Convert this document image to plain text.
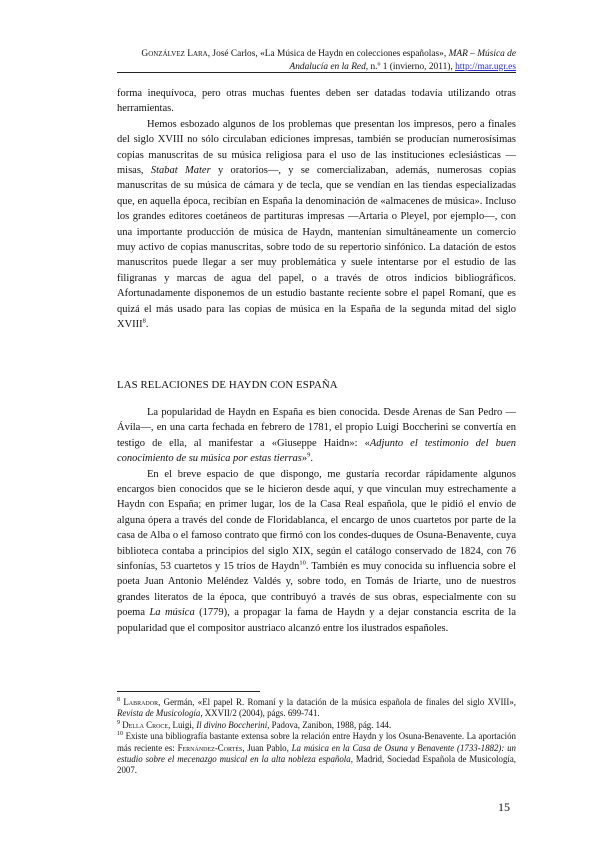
Gonzálvez Lara, José Carlos, «La Música de Haydn en colecciones españolas», MAR – Música de Andalucía en la Red, n.º 1 (invierno, 2011), http://mar.ugr.es

forma inequívoca, pero otras muchas fuentes deben ser datadas todavía utilizando otras herramientas.

Hemos esbozado algunos de los problemas que presentan los impresos, pero a finales del siglo XVIII no sólo circulaban ediciones impresas, también se producían numerosísimas copias manuscritas de su música religiosa para el uso de las instituciones eclesiásticas —misas, Stabat Mater y oratorios—, y se comercializaban, además, numerosas copias manuscritas de su música de cámara y de tecla, que se vendían en las tiendas especializadas que, en aquella época, recibían en España la denominación de «almacenes de música». Incluso los grandes editores coetáneos de partituras impresas —Artaria o Pleyel, por ejemplo—, con una importante producción de música de Haydn, mantenían simultáneamente un comercio muy activo de copias manuscritas, sobre todo de su repertorio sinfónico. La datación de estos manuscritos puede llegar a ser muy problemática y suele intentarse por el estudio de las filigranas y marcas de agua del papel, o a través de otros indicios bibliográficos. Afortunadamente disponemos de un estudio bastante reciente sobre el papel Romaní, que es quizá el más usado para las copias de música en la España de la segunda mitad del siglo XVIII$^8$.

LAS RELACIONES DE HAYDN CON ESPAÑA

La popularidad de Haydn en España es bien conocida. Desde Arenas de San Pedro —Ávila—, en una carta fechada en febrero de 1781, el propio Luigi Boccherini se convertía en testigo de ella, al manifestar a «Giuseppe Haidn»: «Adjunto el testimonio del buen conocimiento de su música por estas tierras»$^9$.

En el breve espacio de que dispongo, me gustaría recordar rápidamente algunos encargos bien conocidos que se le hicieron desde aquí, y que vinculan muy estrechamente a Haydn con España; en primer lugar, los de la Casa Real española, que le pidió el envío de alguna ópera a través del conde de Floridablanca, el encargo de unos cuartetos por parte de la casa de Alba o el famoso contrato que firmó con los condes-duques de Osuna-Benavente, cuya biblioteca contaba a principios del siglo XIX, según el catálogo conservado de 1824, con 76 sinfonías, 53 cuartetos y 15 tríos de Haydn$^{10}$. También es muy conocida su influencia sobre el poeta Juan Antonio Meléndez Valdés y, sobre todo, en Tomás de Iriarte, uno de nuestros grandes literatos de la época, que contribuyó a través de sus obras, especialmente con su poema La música (1779), a propagar la fama de Haydn y a dejar constancia escrita de la popularidad que el compositor austriaco alcanzó entre los ilustrados españoles.

$^8$ Labrador, Germán, «El papel R. Romaní y la datación de la música española de finales del siglo XVIII», Revista de Musicología, XXVII/2 (2004), págs. 699-741.

$^9$ Della Croce, Luigi, Il divino Boccherini, Padova, Zanibon, 1988, pág. 144.

$^{10}$ Existe una bibliografía bastante extensa sobre la relación entre Haydn y los Osuna-Benavente. La aportación más reciente es: Fernández-Cortés, Juan Pablo, La música en la Casa de Osuna y Benavente (1733-1882): un estudio sobre el mecenazgo musical en la alta nobleza española, Madrid, Sociedad Española de Musicología, 2007.

15
